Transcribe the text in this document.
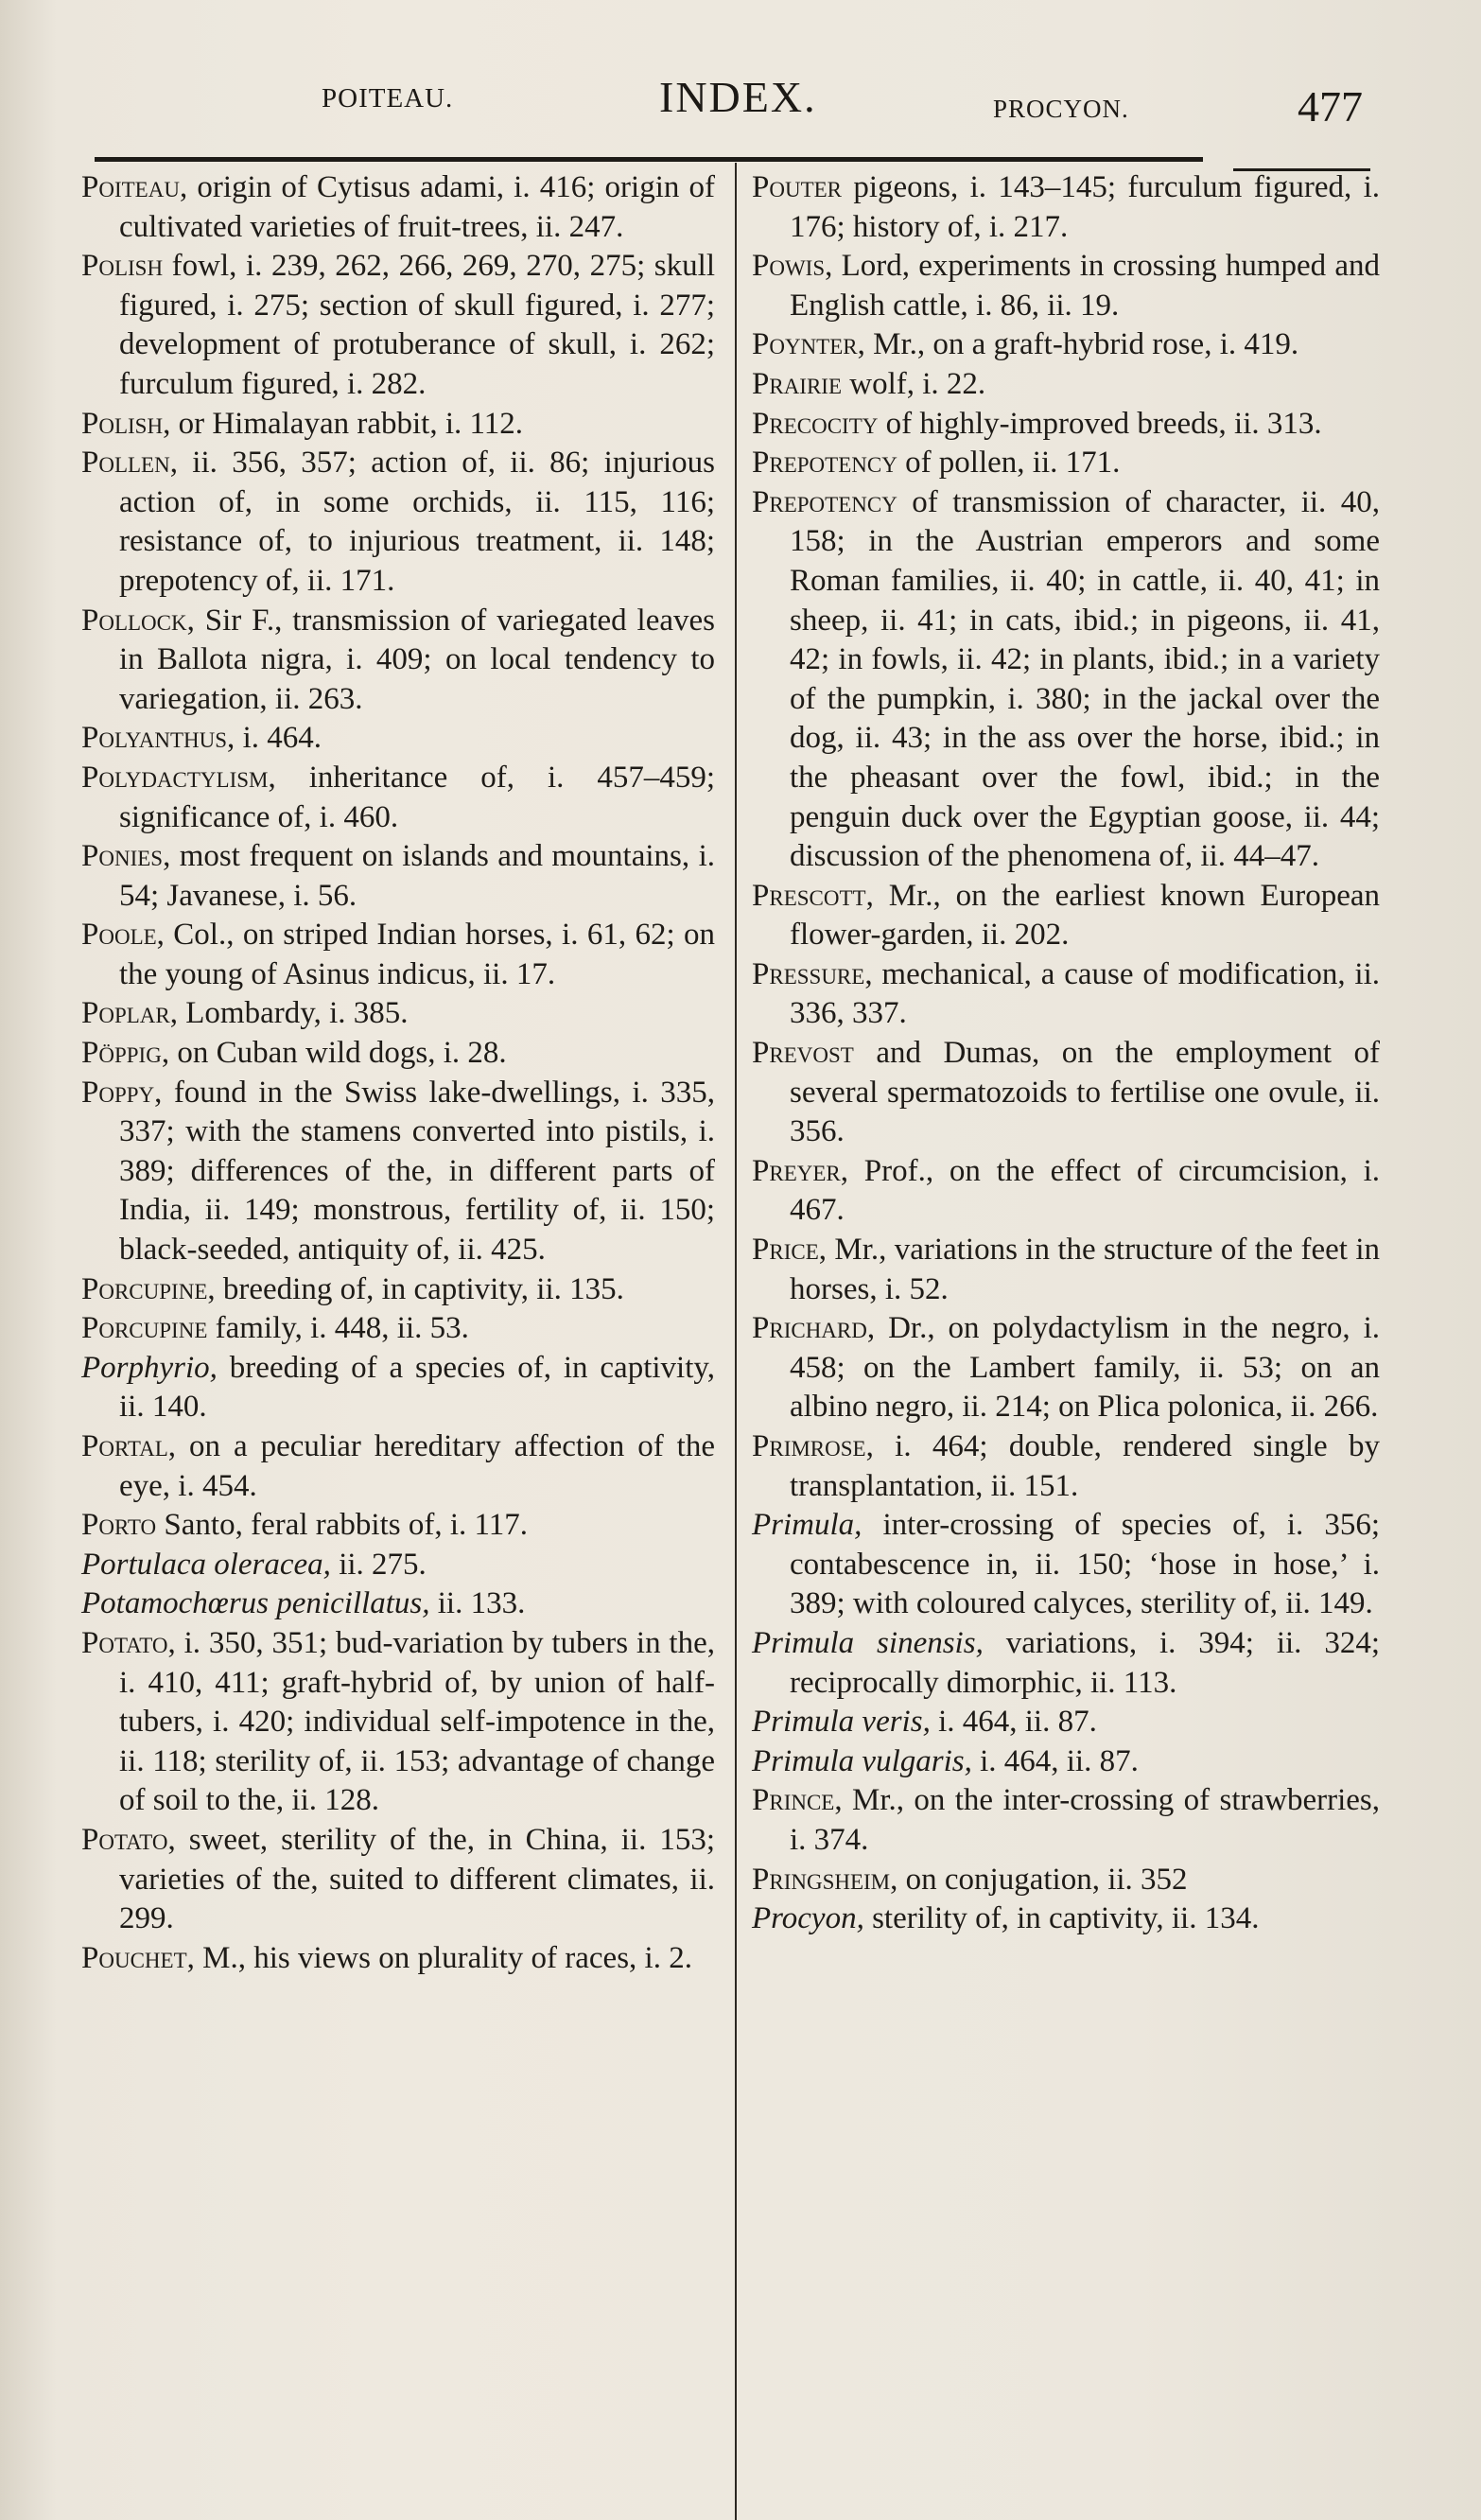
POITEAU.	INDEX.	PROCYON.	477
Poiteau, origin of Cytisus adami, i. 416; origin of cultivated varieties of fruit-trees, ii. 247.
Polish fowl, i. 239, 262, 266, 269, 270, 275; skull figured, i. 275; section of skull figured, i. 277; development of protuberance of skull, i. 262; furculum figured, i. 282.
Polish, or Himalayan rabbit, i. 112.
Pollen, ii. 356, 357; action of, ii. 86; injurious action of, in some orchids, ii. 115, 116; resistance of, to injurious treatment, ii. 148; prepotency of, ii. 171.
Pollock, Sir F., transmission of variegated leaves in Ballota nigra, i. 409; on local tendency to variegation, ii. 263.
Polyanthus, i. 464.
Polydactylism, inheritance of, i. 457–459; significance of, i. 460.
Ponies, most frequent on islands and mountains, i. 54; Javanese, i. 56.
Poole, Col., on striped Indian horses, i. 61, 62; on the young of Asinus indicus, ii. 17.
Poplar, Lombardy, i. 385.
Pöppig, on Cuban wild dogs, i. 28.
Poppy, found in the Swiss lake-dwellings, i. 335, 337; with the stamens converted into pistils, i. 389; differences of the, in different parts of India, ii. 149; monstrous, fertility of, ii. 150; black-seeded, antiquity of, ii. 425.
Porcupine, breeding of, in captivity, ii. 135.
Porcupine family, i. 448, ii. 53.
Porphyrio, breeding of a species of, in captivity, ii. 140.
Portal, on a peculiar hereditary affection of the eye, i. 454.
Porto Santo, feral rabbits of, i. 117.
Portulaca oleracea, ii. 275.
Potamochœrus penicillatus, ii. 133.
Potato, i. 350, 351; bud-variation by tubers in the, i. 410, 411; graft-hybrid of, by union of half-tubers, i. 420; individual self-impotence in the, ii. 118; sterility of, ii. 153; advantage of change of soil to the, ii. 128.
Potato, sweet, sterility of the, in China, ii. 153; varieties of the, suited to different climates, ii. 299.
Pouchet, M., his views on plurality of races, i. 2.
Pouter pigeons, i. 143–145; furculum figured, i. 176; history of, i. 217.
Powis, Lord, experiments in crossing humped and English cattle, i. 86, ii. 19.
Poynter, Mr., on a graft-hybrid rose, i. 419.
Prairie wolf, i. 22.
Precocity of highly-improved breeds, ii. 313.
Prepotency of pollen, ii. 171.
Prepotency of transmission of character, ii. 40, 158; in the Austrian emperors and some Roman families, ii. 40; in cattle, ii. 40, 41; in sheep, ii. 41; in cats, ibid.; in pigeons, ii. 41, 42; in fowls, ii. 42; in plants, ibid.; in a variety of the pumpkin, i. 380; in the jackal over the dog, ii. 43; in the ass over the horse, ibid.; in the pheasant over the fowl, ibid.; in the penguin duck over the Egyptian goose, ii. 44; discussion of the phenomena of, ii. 44–47.
Prescott, Mr., on the earliest known European flower-garden, ii. 202.
Pressure, mechanical, a cause of modification, ii. 336, 337.
Prevost and Dumas, on the employment of several spermatozoids to fertilise one ovule, ii. 356.
Preyer, Prof., on the effect of circumcision, i. 467.
Price, Mr., variations in the structure of the feet in horses, i. 52.
Prichard, Dr., on polydactylism in the negro, i. 458; on the Lambert family, ii. 53; on an albino negro, ii. 214; on Plica polonica, ii. 266.
Primrose, i. 464; double, rendered single by transplantation, ii. 151.
Primula, inter-crossing of species of, i. 356; contabescence in, ii. 150; ‘hose in hose,’ i. 389; with coloured calyces, sterility of, ii. 149.
Primula sinensis, variations, i. 394; ii. 324; reciprocally dimorphic, ii. 113.
Primula veris, i. 464, ii. 87.
Primula vulgaris, i. 464, ii. 87.
Prince, Mr., on the inter-crossing of strawberries, i. 374.
Pringsheim, on conjugation, ii. 352
Procyon, sterility of, in captivity, ii. 134.
